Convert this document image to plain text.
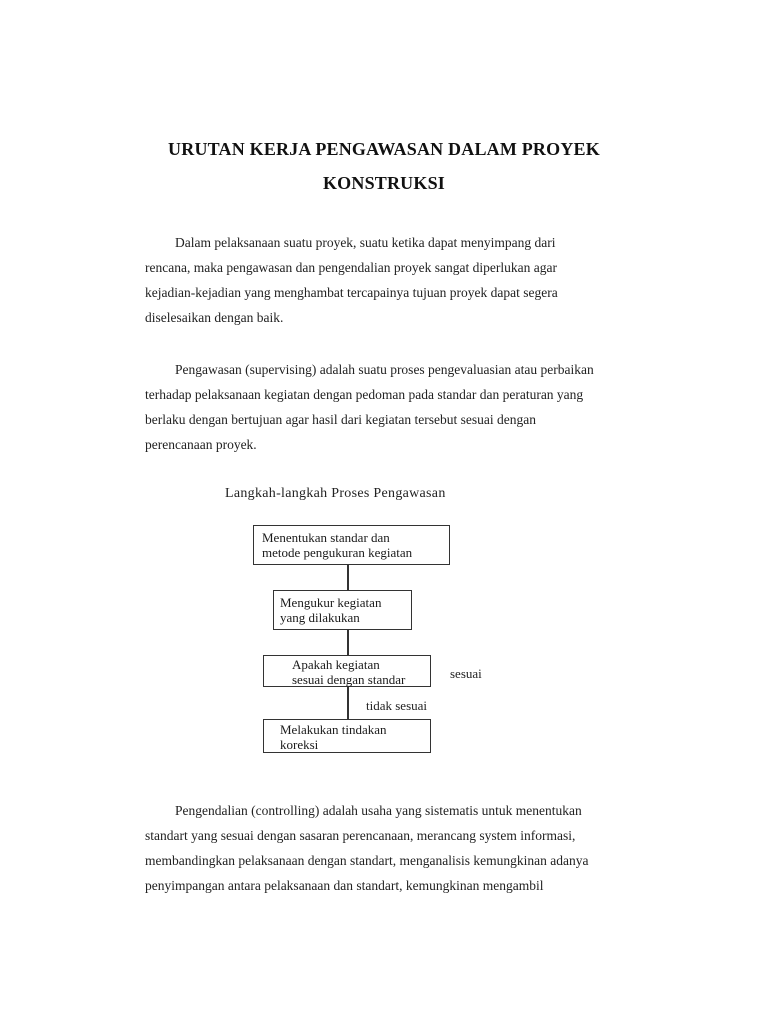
URUTAN KERJA PENGAWASAN DALAM PROYEK
KONSTRUKSI
Dalam pelaksanaan suatu proyek, suatu ketika dapat menyimpang dari
rencana, maka pengawasan dan pengendalian proyek sangat diperlukan agar
kejadian-kejadian yang menghambat tercapainya tujuan proyek dapat segera
diselesaikan dengan baik.
Pengawasan (supervising) adalah suatu proses pengevaluasian atau perbaikan
terhadap pelaksanaan kegiatan dengan pedoman pada standar dan peraturan yang
berlaku dengan bertujuan agar hasil dari kegiatan tersebut sesuai dengan
perencanaan proyek.
Langkah-langkah Proses Pengawasan
Menentukan standar dan
metode pengukuran kegiatan
Mengukur kegiatan
yang dilakukan
Apakah kegiatan
sesuai dengan standar	sesuai
tidak sesuai
Melakukan tindakan
koreksi
Pengendalian (controlling) adalah usaha yang sistematis untuk menentukan
standart yang sesuai dengan sasaran perencanaan, merancang system informasi,
membandingkan pelaksanaan dengan standart, menganalisis kemungkinan adanya
penyimpangan antara pelaksanaan dan standart, kemungkinan mengambil
